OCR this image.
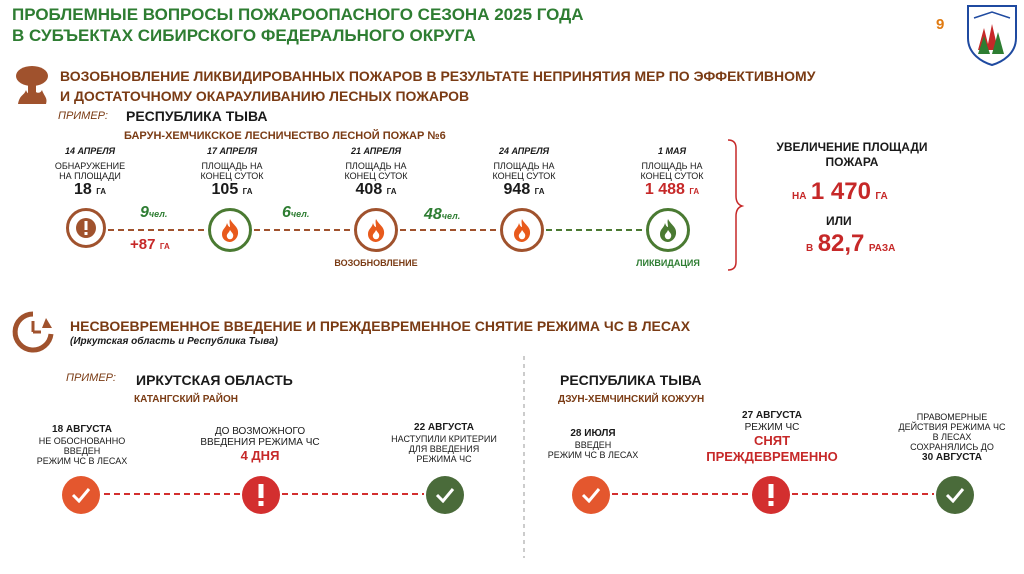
ПРОБЛЕМНЫЕ ВОПРОСЫ ПОЖАРООПАСНОГО СЕЗОНА 2025 ГОДА
В СУБЪЕКТАХ СИБИРСКОГО ФЕДЕРАЛЬНОГО ОКРУГА
9
ВОЗОБНОВЛЕНИЕ ЛИКВИДИРОВАННЫХ ПОЖАРОВ В РЕЗУЛЬТАТЕ НЕПРИНЯТИЯ МЕР ПО ЭФФЕКТИВНОМУ
И ДОСТАТОЧНОМУ ОКАРАУЛИВАНИЮ ЛЕСНЫХ ПОЖАРОВ
ПРИМЕР: РЕСПУБЛИКА ТЫВА
БАРУН-ХЕМЧИКСКОЕ ЛЕСНИЧЕСТВО ЛЕСНОЙ ПОЖАР №6
14 АПРЕЛЯ
ОБНАРУЖЕНИЕ
НА ПЛОЩАДИ
18 ГА
17 АПРЕЛЯ
ПЛОЩАДЬ НА
КОНЕЦ СУТОК
105 ГА
21 АПРЕЛЯ
ПЛОЩАДЬ НА
КОНЕЦ СУТОК
408 ГА
24 АПРЕЛЯ
ПЛОЩАДЬ НА
КОНЕЦ СУТОК
948 ГА
1 МАЯ
ПЛОЩАДЬ НА
КОНЕЦ СУТОК
1 488 ГА
9чел.	6чел.	48чел.
+87 ГА
ВОЗОБНОВЛЕНИЕ	ЛИКВИДАЦИЯ
УВЕЛИЧЕНИЕ ПЛОЩАДИ
ПОЖАРА
НА 1 470 ГА
ИЛИ
В 82,7 РАЗА
НЕСВОЕВРЕМЕННОЕ ВВЕДЕНИЕ И ПРЕЖДЕВРЕМЕННОЕ СНЯТИЕ РЕЖИМА ЧС В ЛЕСАХ
(Иркутская область и Республика Тыва)
ПРИМЕР: ИРКУТСКАЯ ОБЛАСТЬ
КАТАНГСКИЙ РАЙОН
18 АВГУСТА
НЕ ОБОСНОВАННО
ВВЕДЕН
РЕЖИМ ЧС В ЛЕСАХ
ДО ВОЗМОЖНОГО
ВВЕДЕНИЯ РЕЖИМА ЧС
4 ДНЯ
22 АВГУСТА
НАСТУПИЛИ КРИТЕРИИ
ДЛЯ ВВЕДЕНИЯ
РЕЖИМА ЧС
РЕСПУБЛИКА ТЫВА
ДЗУН-ХЕМЧИНСКИЙ КОЖУУН
28 ИЮЛЯ
ВВЕДЕН
РЕЖИМ ЧС В ЛЕСАХ
27 АВГУСТА
РЕЖИМ ЧС
СНЯТ
ПРЕЖДЕВРЕМЕННО
ПРАВОМЕРНЫЕ
ДЕЙСТВИЯ РЕЖИМА ЧС
В ЛЕСАХ
СОХРАНЯЛИСЬ ДО
30 АВГУСТА
